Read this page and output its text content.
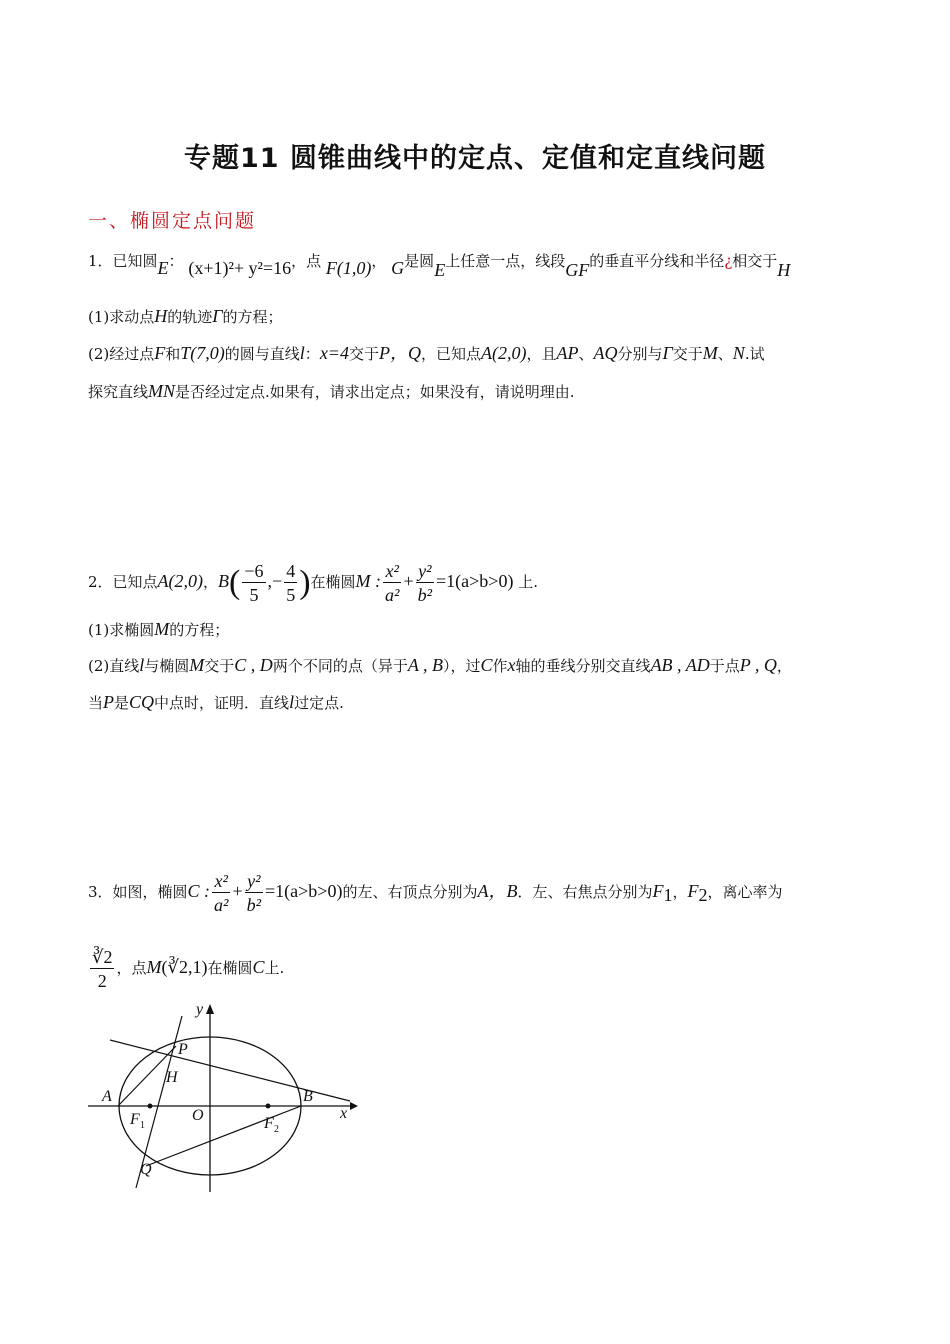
专题11 圆锥曲线中的定点、定值和定直线问题
一、椭圆定点问题
1．已知圆E： (x+1)²+ y²=16，点 F(1,0)， G是圆E上任意一点，线段GF的垂直平分线和半径¿相交于H
(1)求动点H的轨迹Γ的方程；
(2)经过点F和T(7,0)的圆与直线l：x=4交于P，Q，已知点A(2,0)，且AP、AQ分别与Γ交于M、N.试
探究直线MN是否经过定点.如果有，请求出定点；如果没有，请说明理由.
2．已知点A(2,0)，$B( \frac{-6}{5}$ ,− $\frac{4}{5}$ )在椭圆M : $\frac{\text{x²}}{\text{a²}} + \frac{\text{y²}}{\text{b²}} =1(a>b>0)$ 上.
(1)求椭圆M的方程；
(2)直线l与椭圆M交于C , D两个不同的点（异于A , B），过C作x轴的垂线分别交直线AB , AD于点P , Q，
当P是CQ中点时，证明．直线l过定点.
3．如图，椭圆C : $\frac{\text{x²}}{\text{a²}} + \frac{\text{y²}}{\text{b²}} =1(a>b>0)$的左、右顶点分别为A，B．左、右焦点分别为$F_1$，$F_2$，离心率为
$\frac{∛2}{2}$ ，点M(∛2,1)在椭圆C上.
y
P
H
A	B
x
O
F 1	F 2
Q
